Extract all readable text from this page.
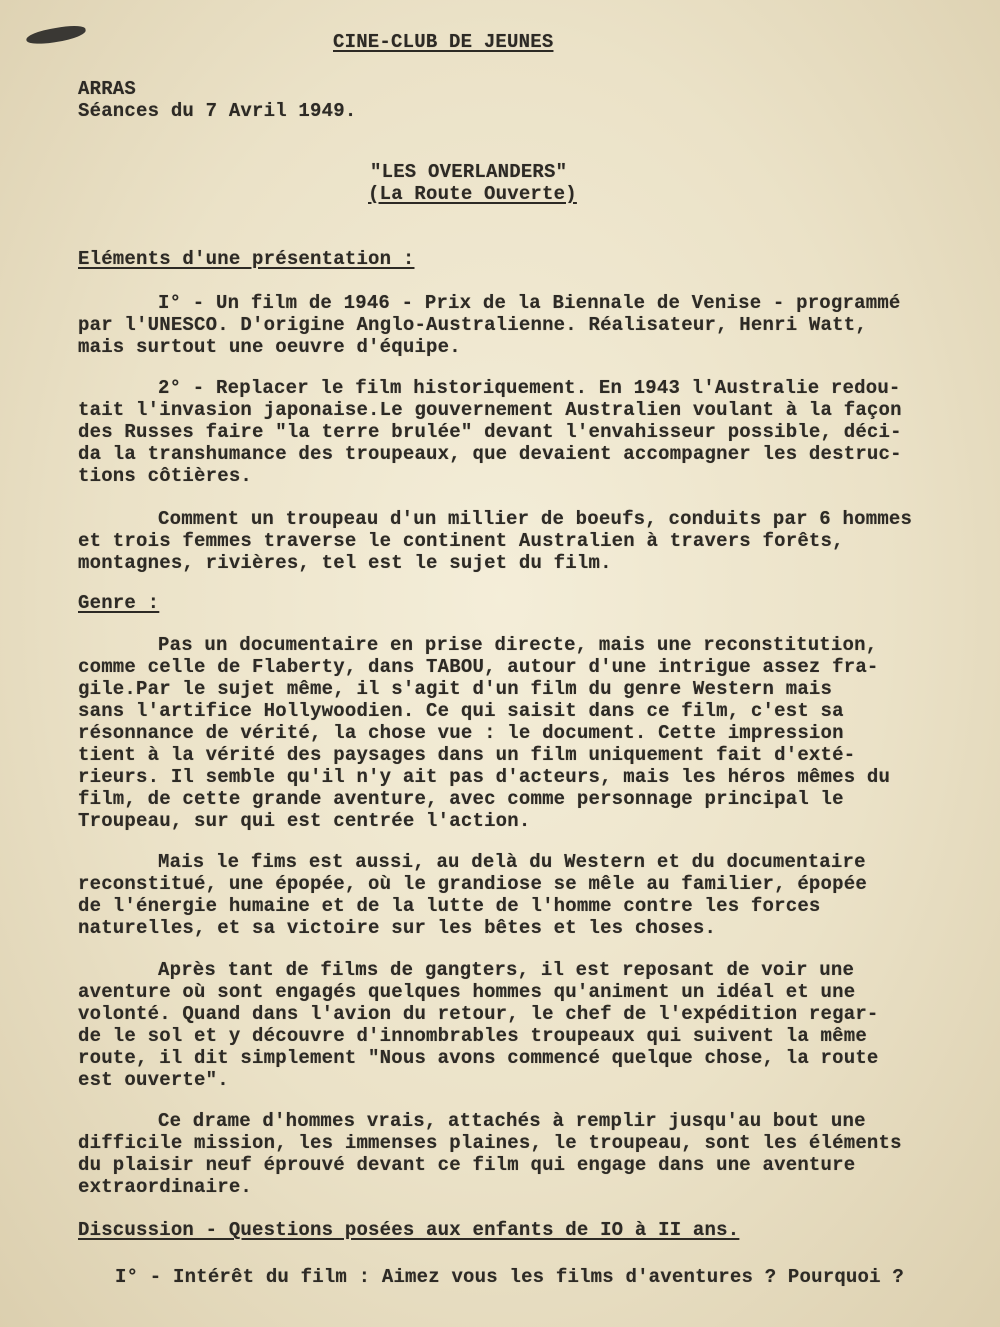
CINE-CLUB DE JEUNES
ARRAS
Séances du 7 Avril 1949.
"LES OVERLANDERS"
(La Route Ouverte)
Eléments d'une présentation :
I° - Un film de 1946 - Prix de la Biennale de Venise - programmé
par l'UNESCO. D'origine Anglo-Australienne. Réalisateur, Henri Watt,
mais surtout une oeuvre d'équipe.
2° - Replacer le film historiquement. En 1943 l'Australie redou-
tait l'invasion japonaise.Le gouvernement Australien voulant à la façon
des Russes faire "la terre brulée" devant l'envahisseur possible, déci-
da la transhumance des troupeaux, que devaient accompagner les destruc-
tions côtières.
Comment un troupeau d'un millier de boeufs, conduits par 6 hommes
et trois femmes traverse le continent Australien à travers forêts,
montagnes, rivières, tel est le sujet du film.
Genre :
Pas un documentaire en prise directe, mais une reconstitution,
comme celle de Flaberty, dans TABOU, autour d'une intrigue assez fra-
gile.Par le sujet même, il s'agit d'un film du genre Western mais
sans l'artifice Hollywoodien. Ce qui saisit dans ce film, c'est sa
résonnance de vérité, la chose vue : le document. Cette impression
tient à la vérité des paysages dans un film uniquement fait d'exté-
rieurs. Il semble qu'il n'y ait pas d'acteurs, mais les héros mêmes du
film, de cette grande aventure, avec comme personnage principal le
Troupeau, sur qui est centrée l'action.
Mais le fims est aussi, au delà du Western et du documentaire
reconstitué, une épopée, où le grandiose se mêle au familier, épopée
de l'énergie humaine et de la lutte de l'homme contre les forces
naturelles, et sa victoire sur les bêtes et les choses.
Après tant de films de gangters, il est reposant de voir une
aventure où sont engagés quelques hommes qu'animent un idéal et une
volonté. Quand dans l'avion du retour, le chef de l'expédition regar-
de le sol et y découvre d'innombrables troupeaux qui suivent la même
route, il dit simplement "Nous avons commencé quelque chose, la route
est ouverte".
Ce drame d'hommes vrais, attachés à remplir jusqu'au bout une
difficile mission, les immenses plaines, le troupeau, sont les éléments
du plaisir neuf éprouvé devant ce film qui engage dans une aventure
extraordinaire.
Discussion - Questions posées aux enfants de IO à II ans.
I° - Intérêt du film : Aimez vous les films d'aventures ? Pourquoi ?
